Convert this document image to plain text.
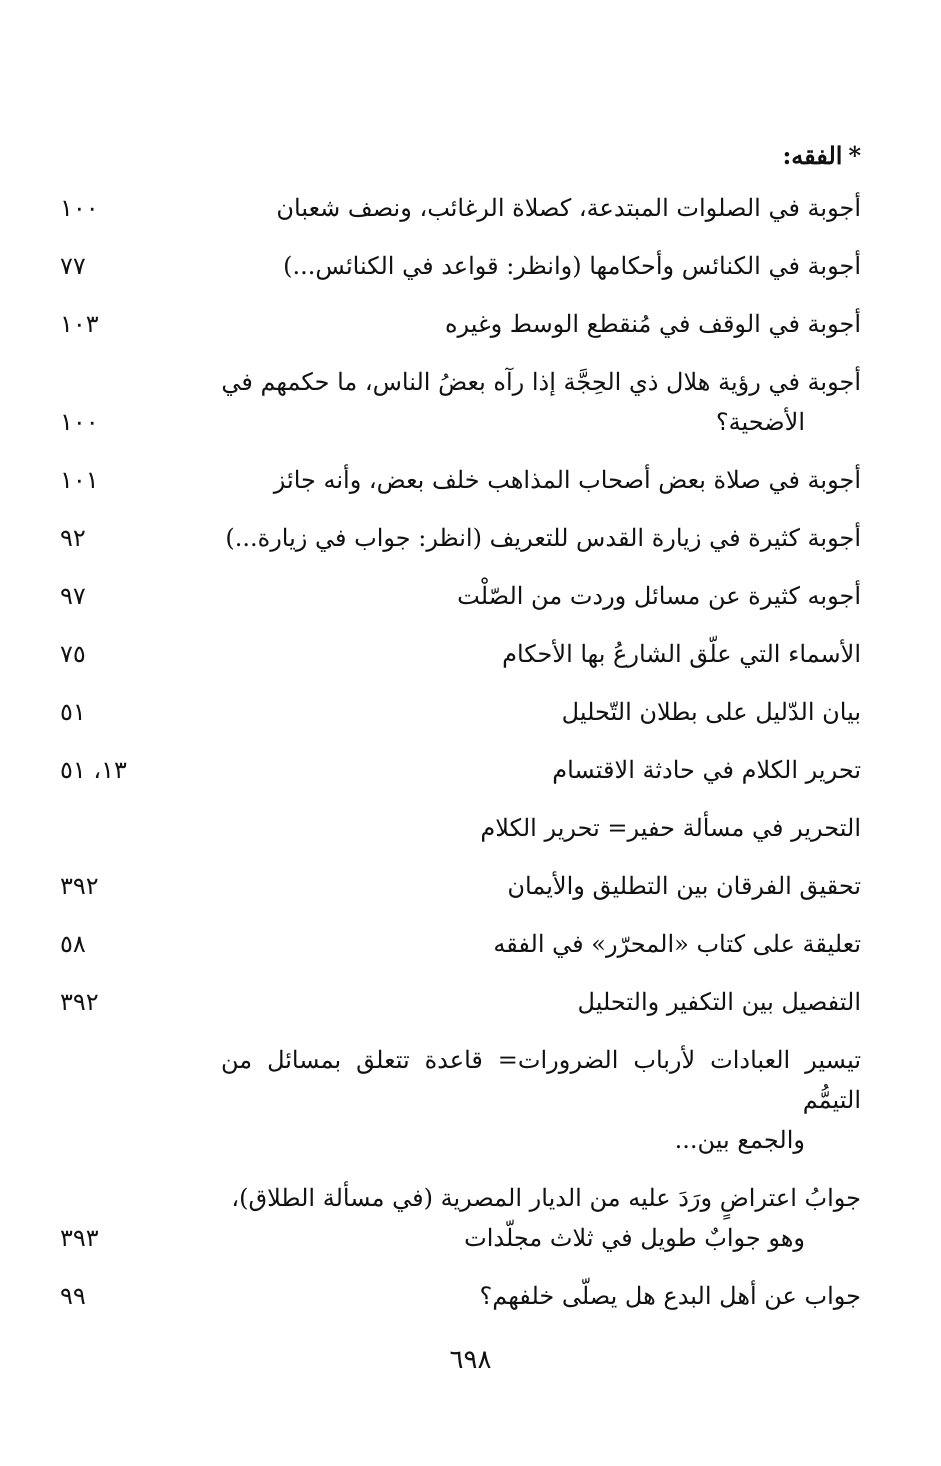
*الفقه:
أجوبة في الصلوات المبتدعة، كصلاة الرغائب، ونصف شعبان
١٠٠
أجوبة في الكنائس وأحكامها (وانظر: قواعد في الكنائس...)
٧٧
أجوبة في الوقف في مُنقطع الوسط وغيره
١٠٣
أجوبة في رؤية هلال ذي الحِجَّة إذا رآه بعضُ الناس، ما حكمهم في
الأضحية؟
١٠٠
أجوبة في صلاة بعض أصحاب المذاهب خلف بعض، وأنه جائز
١٠١
أجوبة كثيرة في زيارة القدس للتعريف (انظر: جواب في زيارة...)
٩٢
أجوبه كثيرة عن مسائل وردت من الصّلْت
٩٧
الأسماء التي علّق الشارعُ بها الأحكام
٧٥
بيان الدّليل على بطلان التّحليل
٥١
تحرير الكلام في حادثة الاقتسام
١٣، ٥١
التحرير في مسألة حفير= تحرير الكلام
تحقيق الفرقان بين التطليق والأيمان
٣٩٢
تعليقة على كتاب «المحرّر» في الفقه
٥٨
التفصيل بين التكفير والتحليل
٣٩٢
تيسير العبادات لأرباب الضرورات= قاعدة تتعلق بمسائل من التيمُّم
والجمع بين...
جوابُ اعتراضٍ ورَدَ عليه من الديار المصرية (في مسألة الطلاق)،
وهو جوابٌ طويل في ثلاث مجلّدات
٣٩٣
جواب عن أهل البدع هل يصلّى خلفهم؟
٩٩
٦٩٨
